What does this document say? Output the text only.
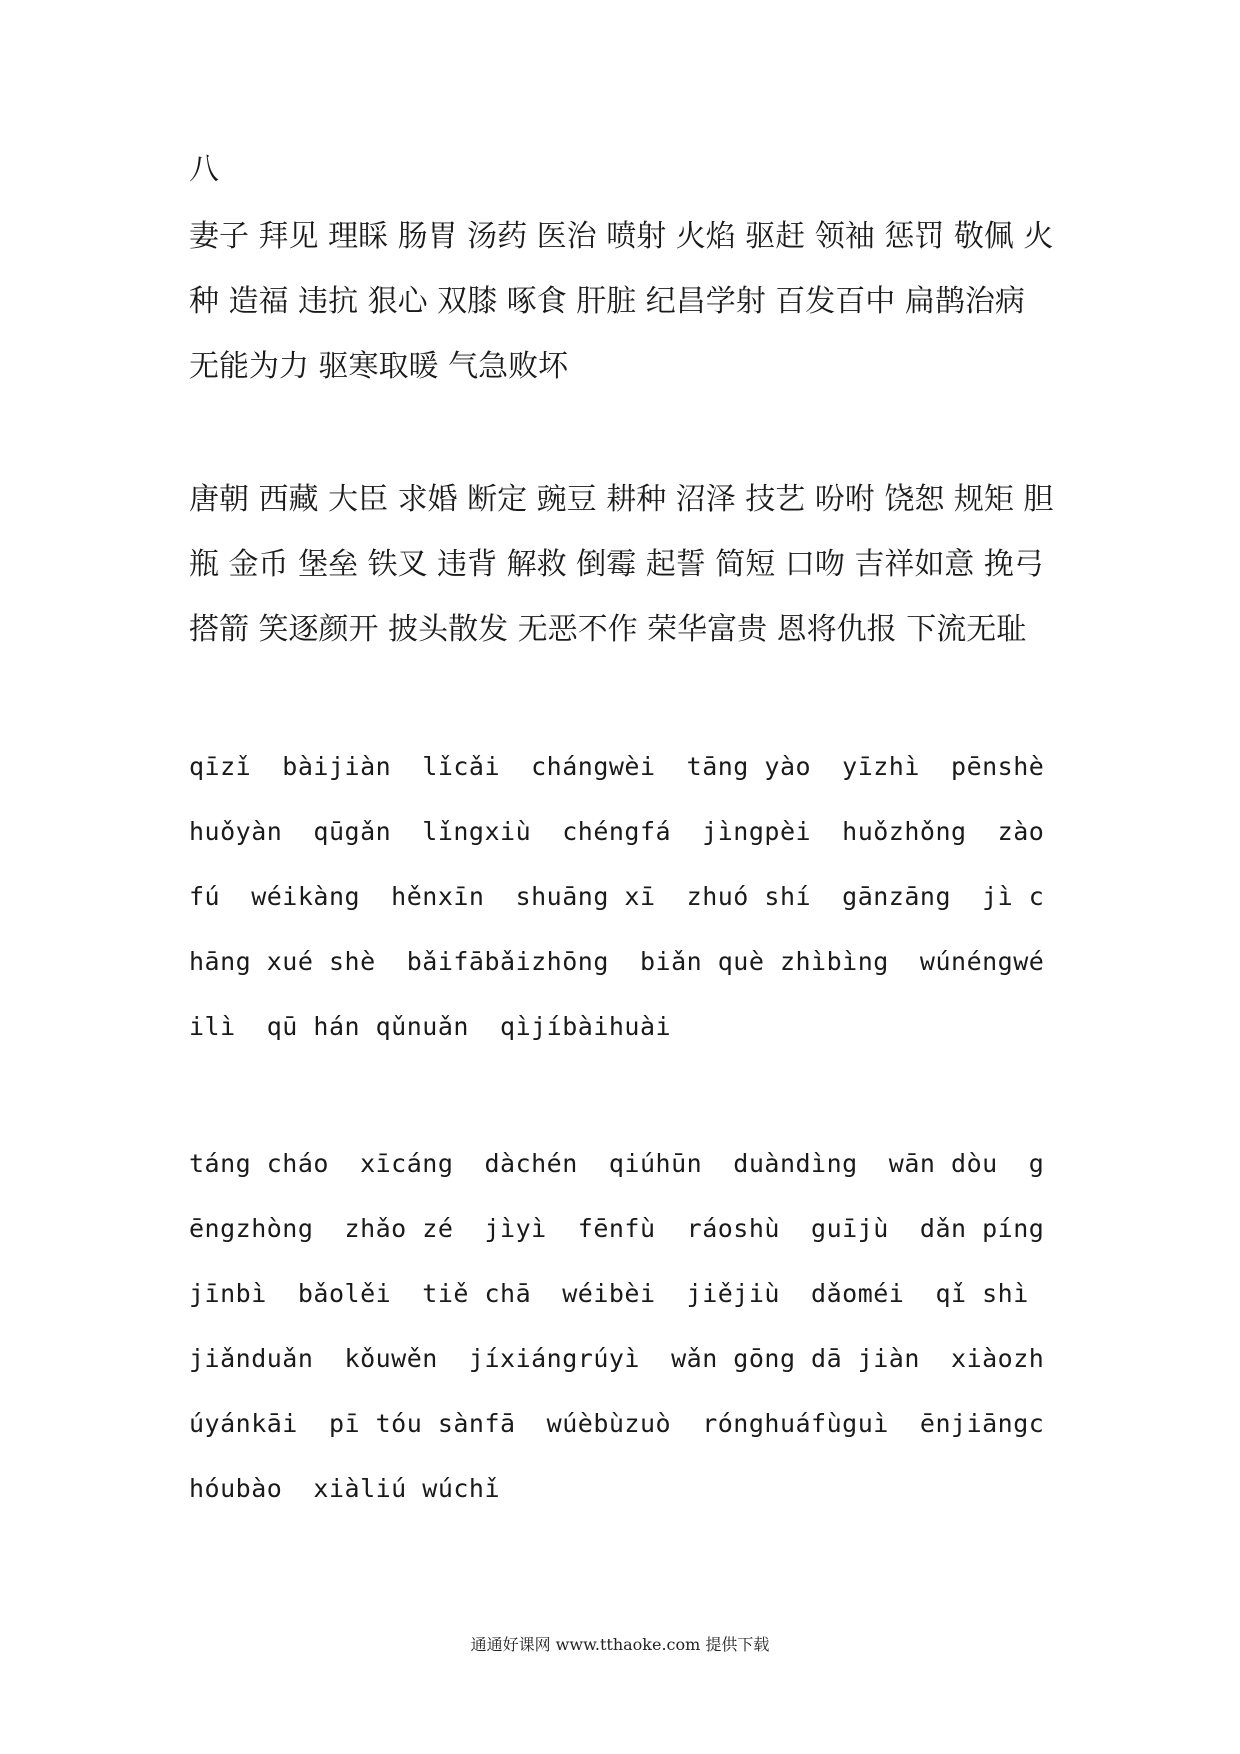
八

妻子 拜见 理睬 肠胃 汤药 医治 喷射 火焰 驱赶 领袖 惩罚 敬佩 火种 造福 违抗 狠心 双膝 啄食 肝脏 纪昌学射 百发百中 扁鹊治病 无能为力 驱寒取暖 气急败坏

唐朝 西藏 大臣 求婚 断定 豌豆 耕种 沼泽 技艺 吩咐 饶恕 规矩 胆瓶 金币 堡垒 铁叉 违背 解救 倒霉 起誓 简短 口吻 吉祥如意 挽弓搭箭 笑逐颜开 披头散发 无恶不作 荣华富贵 恩将仇报 下流无耻

qīzǐ  bàijiàn  lǐcǎi  chángwèi  tāng yào  yīzhì  pēnshè huǒyàn  qūgǎn  lǐngxiù  chéngfá  jìngpèi  huǒzhǒng  zàofú  wéikàng  hěnxīn  shuāng xī  zhuó shí  gānzāng  jì chāng xué shè  bǎifābǎizhōng  biǎn què zhìbìng  wúnéngwéilì  qū hán qǔnuǎn  qìjíbàihuài

táng cháo  xīcáng  dàchén  qiúhūn  duàndìng  wān dòu  gēngzhòng  zhǎo zé  jìyì  fēnfù  ráoshù  guījù  dǎn píng jīnbì  bǎolěi  tiě chā  wéibèi  jiějiù  dǎoméi  qǐ shì jiǎnduǎn  kǒuwěn  jíxiángrúyì  wǎn gōng dā jiàn  xiàozhúyánkāi  pī tóu sànfā  wúèbùzuò  rónghuáfùguì  ēnjiāngchóubào  xiàliú wúchǐ

通通好课网 www.tthaoke.com 提供下载
